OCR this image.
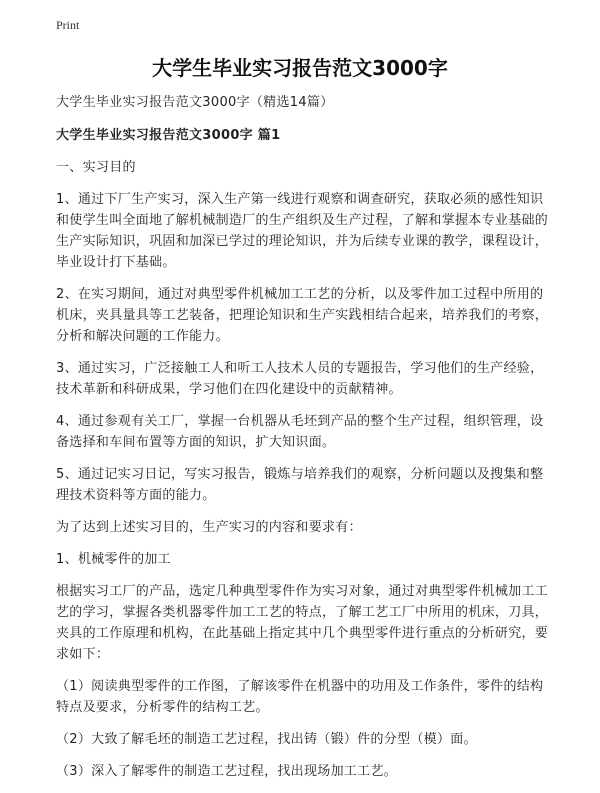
Print
大学生毕业实习报告范文3000字

大学生毕业实习报告范文3000字（精选14篇）

大学生毕业实习报告范文3000字 篇1

一、实习目的

1、通过下厂生产实习，深入生产第一线进行观察和调查研究，获取必须的感性知识和使学生叫全面地了解机械制造厂的生产组织及生产过程，了解和掌握本专业基础的生产实际知识，巩固和加深已学过的理论知识，并为后续专业课的教学，课程设计，毕业设计打下基础。

2、在实习期间，通过对典型零件机械加工工艺的分析，以及零件加工过程中所用的机床，夹具量具等工艺装备，把理论知识和生产实践相结合起来，培养我们的考察，分析和解决问题的工作能力。

3、通过实习，广泛接触工人和听工人技术人员的专题报告，学习他们的生产经验，技术革新和科研成果，学习他们在四化建设中的贡献精神。

4、通过参观有关工厂，掌握一台机器从毛坯到产品的整个生产过程，组织管理，设备选择和车间布置等方面的知识，扩大知识面。

5、通过记实习日记，写实习报告，锻炼与培养我们的观察，分析问题以及搜集和整理技术资料等方面的能力。

为了达到上述实习目的，生产实习的内容和要求有：

1、机械零件的加工

根据实习工厂的产品，选定几种典型零件作为实习对象，通过对典型零件机械加工工艺的学习，掌握各类机器零件加工工艺的特点，了解工艺工厂中所用的机床，刀具，夹具的工作原理和机构，在此基础上指定其中几个典型零件进行重点的分析研究，要求如下：

（1）阅读典型零件的工作图，了解该零件在机器中的功用及工作条件，零件的结构特点及要求，分析零件的结构工艺。

（2）大致了解毛坯的制造工艺过程，找出铸（锻）件的分型（模）面。

（3）深入了解零件的制造工艺过程，找出现场加工工艺。
